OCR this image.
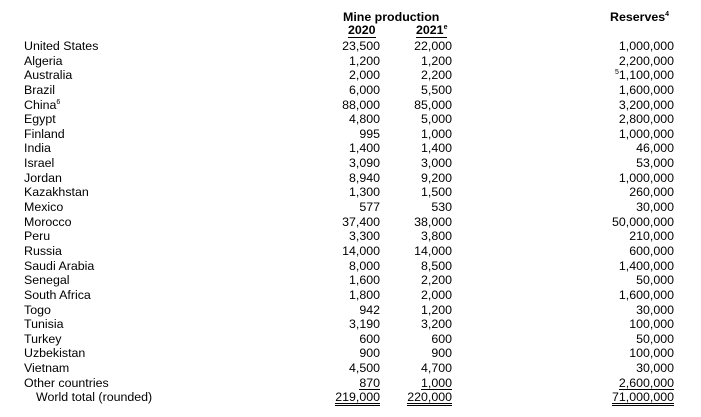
Mine production
2020	2021e
Reserves$^4$
United States	23,500	22,000		1,000,000
Algeria	1,200	1,200		2,200,000
Australia	2,000	2,200		$^5$1,100,000
Brazil	6,000	5,500		1,600,000
China$^6$	88,000	85,000		3,200,000
Egypt	4,800	5,000		2,800,000
Finland	995	1,000		1,000,000
India	1,400	1,400		46,000
Israel	3,090	3,000		53,000
Jordan	8,940	9,200		1,000,000
Kazakhstan	1,300	1,500		260,000
Mexico	577	530		30,000
Morocco	37,400	38,000		50,000,000
Peru	3,300	3,800		210,000
Russia	14,000	14,000		600,000
Saudi Arabia	8,000	8,500		1,400,000
Senegal	1,600	2,200		50,000
South Africa	1,800	2,000		1,600,000
Togo	942	1,200		30,000
Tunisia	3,190	3,200		100,000
Turkey	600	600		50,000
Uzbekistan	900	900		100,000
Vietnam	4,500	4,700		30,000
Other countries	870	1,000		2,600,000
World total (rounded)	219,000	220,000		71,000,000
